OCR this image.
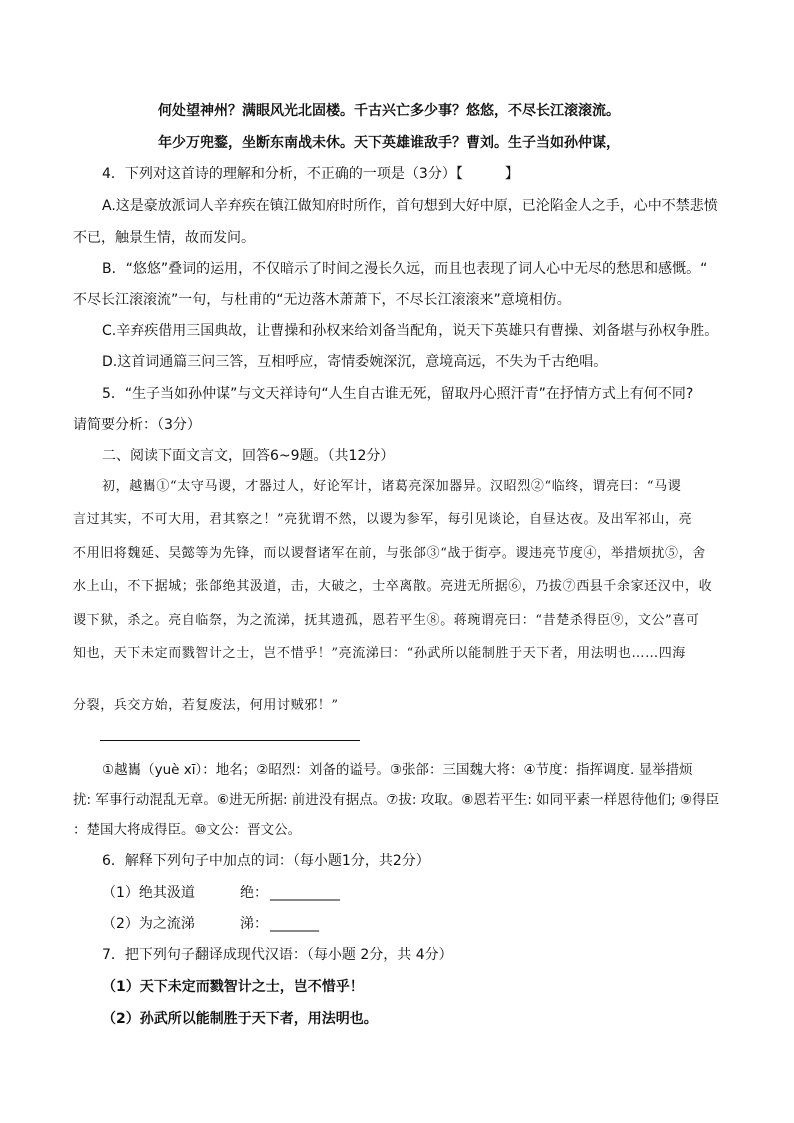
何处望神州？满眼风光北固楼。千古兴亡多少事？悠悠，不尽长江滚滚流。
年少万兜鍪，坐断东南战未休。天下英雄谁敌手？曹刘。生子当如孙仲谋，
4．下列对这首诗的理解和分析，不正确的一项是（3分）【　　　】
A.这是豪放派词人辛弃疾在镇江做知府时所作，首句想到大好中原，已沦陷金人之手，心中不禁悲愤
不已，触景生情，故而发问。
B．“悠悠”叠词的运用，不仅暗示了时间之漫长久远，而且也表现了词人心中无尽的愁思和感慨。“
不尽长江滚滚流”一句，与杜甫的“无边落木萧萧下，不尽长江滚滚来”意境相仿。
C.辛弃疾借用三国典故，让曹操和孙权来给刘备当配角，说天下英雄只有曹操、刘备堪与孙权争胜。
D.这首词通篇三问三答，互相呼应，寄情委婉深沉，意境高远，不失为千古绝唱。
5．“生子当如孙仲谋”与文天祥诗句“人生自古谁无死，留取丹心照汗青”在抒情方式上有何不同?
请简要分析：（3分）
二、阅读下面文言文，回答6~9题。（共12分）
初，越巂①“太守马谡，才器过人，好论军计，诸葛亮深加器异。汉昭烈②“临终，谓亮曰：“马谡
言过其实，不可大用，君其察之！”亮犹谓不然，以谡为参军，每引见谈论，自昼达夜。及出军祁山，亮
不用旧将魏延、吴懿等为先锋，而以谡督诸军在前，与张郃③“战于街亭。谡违亮节度④，举措烦扰⑤，舍
水上山，不下据城；张郃绝其汲道，击，大破之，士卒离散。亮进无所据⑥，乃拔⑦西县千余家还汉中，收
谡下狱，杀之。亮自临祭，为之流涕，抚其遗孤，恩若平生⑧。蒋琬谓亮曰：“昔楚杀得臣⑨，文公”喜可
知也，天下未定而戮智计之士，岂不惜乎！”亮流涕曰：“孙武所以能制胜于天下者，用法明也……四海
分裂，兵交方始，若复废法，何用讨贼邪！”
①越巂（yuè xī）：地名；②昭烈：刘备的谥号。③张郃：三国魏大将：④节度：指挥调度. 显举措烦
扰: 军事行动混乱无章。⑥进无所据: 前进没有据点。⑦拔: 攻取。⑧恩若平生: 如同平素一样恩待他们; ⑨得臣
：楚国大将成得臣。⑩文公：晋文公。
6．解释下列句子中加点的词：（每小题1分，共2分）
（1）绝其汲道	绝： __________
（2）为之流涕	涕： _______
7．把下列句子翻译成现代汉语：（每小题 2分，共 4分）
（1）天下未定而戮智计之士，岂不惜乎！
（2）孙武所以能制胜于天下者，用法明也。
